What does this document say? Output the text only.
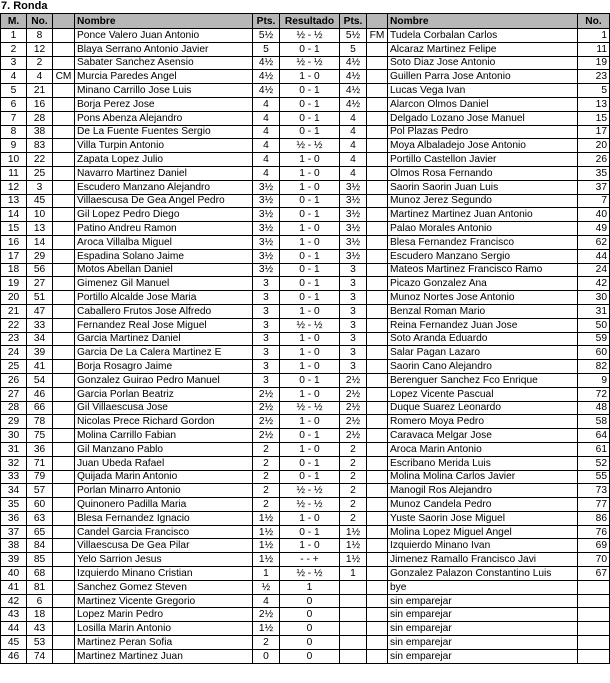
7. Ronda
M.	No.		Nombre	Pts.	Resultado	Pts.		Nombre	No.
1	8		Ponce Valero Juan Antonio	5½	½ - ½	5½	FM	Tudela Corbalan Carlos	1
2	12		Blaya Serrano Antonio Javier	5	0 - 1	5		Alcaraz Martinez Felipe	11
3	2		Sabater Sanchez Asensio	4½	½ - ½	4½		Soto Diaz Jose Antonio	19
4	4	CM	Murcia Paredes Angel	4½	1 - 0	4½		Guillen Parra Jose Antonio	23
5	21		Minano Carrillo Jose Luis	4½	0 - 1	4½		Lucas Vega Ivan	5
6	16		Borja Perez Jose	4	0 - 1	4½		Alarcon Olmos Daniel	13
7	28		Pons Abenza Alejandro	4	0 - 1	4		Delgado Lozano Jose Manuel	15
8	38		De La Fuente Fuentes Sergio	4	0 - 1	4		Pol Plazas Pedro	17
9	83		Villa Turpin Antonio	4	½ - ½	4		Moya Albaladejo Jose Antonio	20
10	22		Zapata Lopez Julio	4	1 - 0	4		Portillo Castellon Javier	26
11	25		Navarro Martinez Daniel	4	1 - 0	4		Olmos Rosa Fernando	35
12	3		Escudero Manzano Alejandro	3½	1 - 0	3½		Saorin Saorin Juan Luis	37
13	45		Villaescusa De Gea Angel Pedro	3½	0 - 1	3½		Munoz Jerez Segundo	7
14	10		Gil Lopez Pedro Diego	3½	0 - 1	3½		Martinez Martinez Juan Antonio	40
15	13		Patino Andreu Ramon	3½	1 - 0	3½		Palao Morales Antonio	49
16	14		Aroca Villalba Miguel	3½	1 - 0	3½		Blesa Fernandez Francisco	62
17	29		Espadina Solano Jaime	3½	0 - 1	3½		Escudero Manzano Sergio	44
18	56		Motos Abellan Daniel	3½	0 - 1	3		Mateos Martinez Francisco Ramo	24
19	27		Gimenez Gil Manuel	3	0 - 1	3		Picazo Gonzalez Ana	42
20	51		Portillo Alcalde Jose Maria	3	0 - 1	3		Munoz Nortes Jose Antonio	30
21	47		Caballero Frutos Jose Alfredo	3	1 - 0	3		Benzal Roman Mario	31
22	33		Fernandez Real Jose Miguel	3	½ - ½	3		Reina Fernandez Juan Jose	50
23	34		Garcia Martinez Daniel	3	1 - 0	3		Soto Aranda Eduardo	59
24	39		Garcia De La Calera Martinez E	3	1 - 0	3		Salar Pagan Lazaro	60
25	41		Borja Rosagro Jaime	3	1 - 0	3		Saorin Cano Alejandro	82
26	54		Gonzalez Guirao Pedro Manuel	3	0 - 1	2½		Berenguer Sanchez Fco Enrique	9
27	46		Garcia Porlan Beatriz	2½	1 - 0	2½		Lopez Vicente Pascual	72
28	66		Gil Villaescusa Jose	2½	½ - ½	2½		Duque Suarez Leonardo	48
29	78		Nicolas Prece Richard Gordon	2½	1 - 0	2½		Romero Moya Pedro	58
30	75		Molina Carrillo Fabian	2½	0 - 1	2½		Caravaca Melgar Jose	64
31	36		Gil Manzano Pablo	2	1 - 0	2		Aroca Marin Antonio	61
32	71		Juan Ubeda Rafael	2	0 - 1	2		Escribano Merida Luis	52
33	79		Quijada Marin Antonio	2	0 - 1	2		Molina Molina Carlos Javier	55
34	57		Porlan Minarro Antonio	2	½ - ½	2		Manogil Ros Alejandro	73
35	60		Quinonero Padilla Maria	2	½ - ½	2		Munoz Candela Pedro	77
36	63		Blesa Fernandez Ignacio	1½	1 - 0	2		Yuste Saorin Jose Miguel	86
37	65		Candel Garcia Francisco	1½	0 - 1	1½		Molina Lopez Miguel Angel	76
38	84		Villaescusa De Gea Pilar	1½	1 - 0	1½		Izquierdo Minano Ivan	69
39	85		Yelo Sarrion Jesus	1½	- - +	1½		Jimenez Ramallo Francisco Javi	70
40	68		Izquierdo Minano Cristian	1	½ - ½	1		Gonzalez Palazon Constantino Luis	67
41	81		Sanchez Gomez Steven	½	1			bye	
42	6		Martinez Vicente Gregorio	4	0			sin emparejar	
43	18		Lopez Marin Pedro	2½	0			sin emparejar	
44	43		Losilla Marin Antonio	1½	0			sin emparejar	
45	53		Martinez Peran Sofia	2	0			sin emparejar	
46	74		Martinez Martinez Juan	0	0			sin emparejar	
